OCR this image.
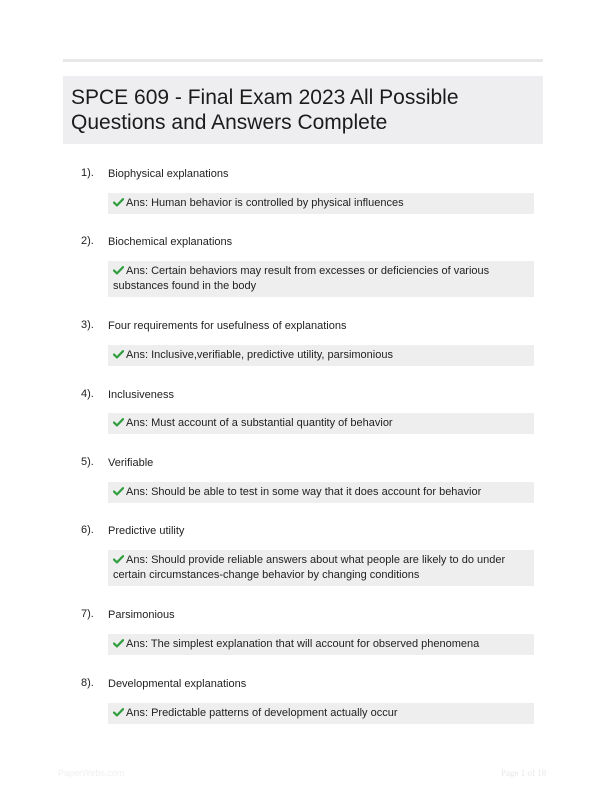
SPCE 609 - Final Exam 2023 All Possible
Questions and Answers Complete
1). Biophysical explanations
Ans: Human behavior is controlled by physical influences
2). Biochemical explanations
Ans: Certain behaviors may result from excesses or deficiencies of various substances found in the body
3). Four requirements for usefulness of explanations
Ans: Inclusive,verifiable, predictive utility, parsimonious
4). Inclusiveness
Ans: Must account of a substantial quantity of behavior
5). Verifiable
Ans: Should be able to test in some way that it does account for behavior
6). Predictive utility
Ans: Should provide reliable answers about what people are likely to do under certain circumstances-change behavior by changing conditions
7). Parsimonious
Ans: The simplest explanation that will account for observed phenomena
8). Developmental explanations
Ans: Predictable patterns of development actually occur
PaperWebs.com	Page 1 of 18
